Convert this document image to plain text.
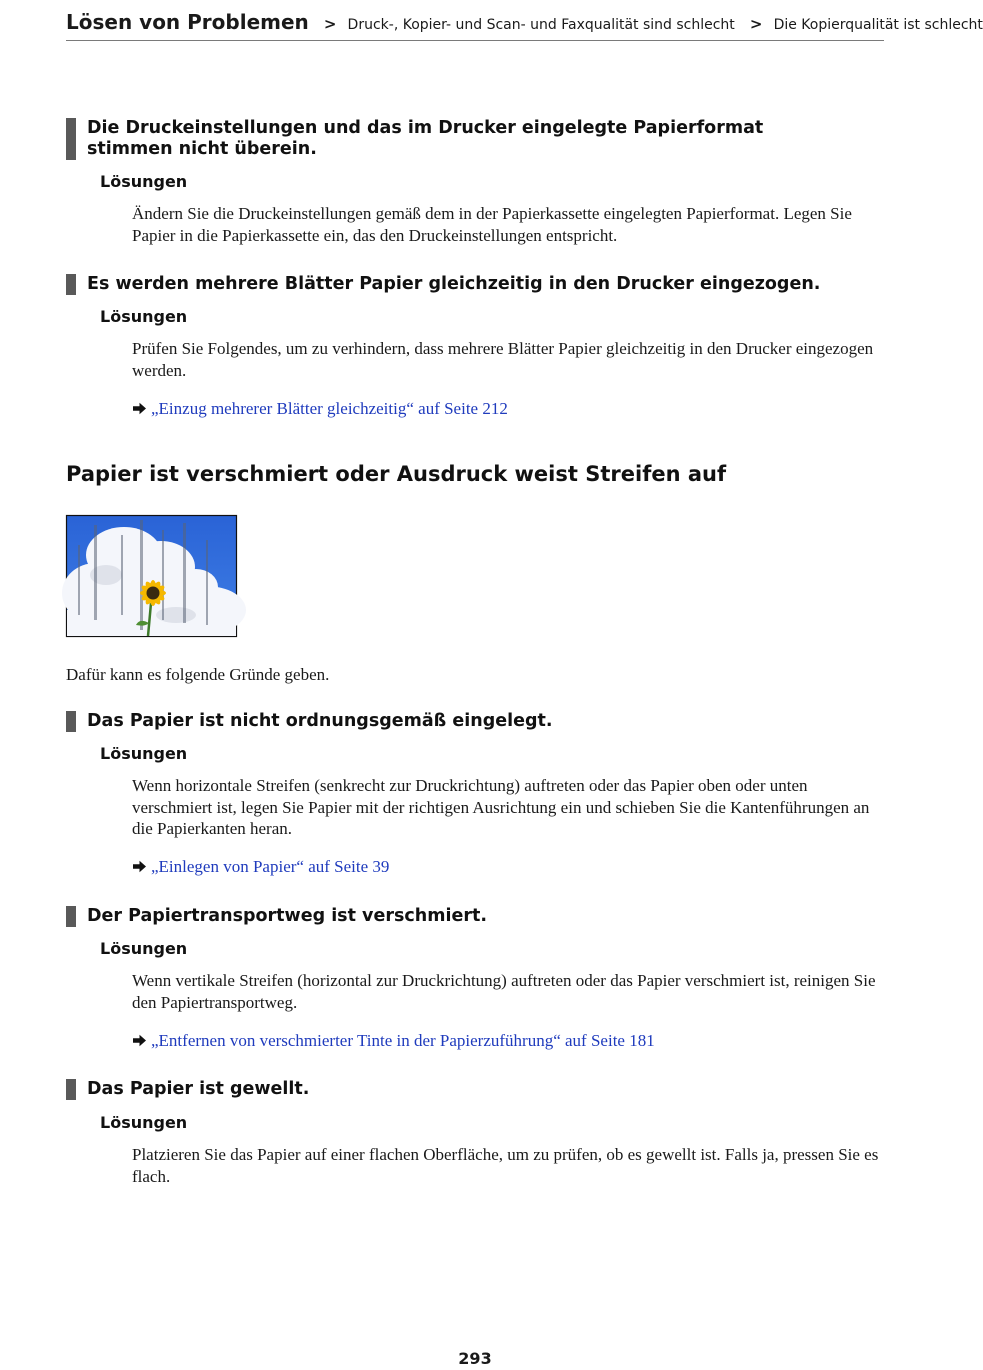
Lösen von Problemen > Druck-, Kopier- und Scan- und Faxqualität sind schlecht > Die Kopierqualität ist schlecht
Die Druckeinstellungen und das im Drucker eingelegte Papierformat stimmen nicht überein.
Lösungen
Ändern Sie die Druckeinstellungen gemäß dem in der Papierkassette eingelegten Papierformat. Legen Sie Papier in die Papierkassette ein, das den Druckeinstellungen entspricht.
Es werden mehrere Blätter Papier gleichzeitig in den Drucker eingezogen.
Lösungen
Prüfen Sie Folgendes, um zu verhindern, dass mehrere Blätter Papier gleichzeitig in den Drucker eingezogen werden.
„Einzug mehrerer Blätter gleichzeitig“ auf Seite 212
Papier ist verschmiert oder Ausdruck weist Streifen auf
Dafür kann es folgende Gründe geben.
Das Papier ist nicht ordnungsgemäß eingelegt.
Lösungen
Wenn horizontale Streifen (senkrecht zur Druckrichtung) auftreten oder das Papier oben oder unten verschmiert ist, legen Sie Papier mit der richtigen Ausrichtung ein und schieben Sie die Kantenführungen an die Papierkanten heran.
„Einlegen von Papier“ auf Seite 39
Der Papiertransportweg ist verschmiert.
Lösungen
Wenn vertikale Streifen (horizontal zur Druckrichtung) auftreten oder das Papier verschmiert ist, reinigen Sie den Papiertransportweg.
„Entfernen von verschmierter Tinte in der Papierzuführung“ auf Seite 181
Das Papier ist gewellt.
Lösungen
Platzieren Sie das Papier auf einer flachen Oberfläche, um zu prüfen, ob es gewellt ist. Falls ja, pressen Sie es flach.
293
